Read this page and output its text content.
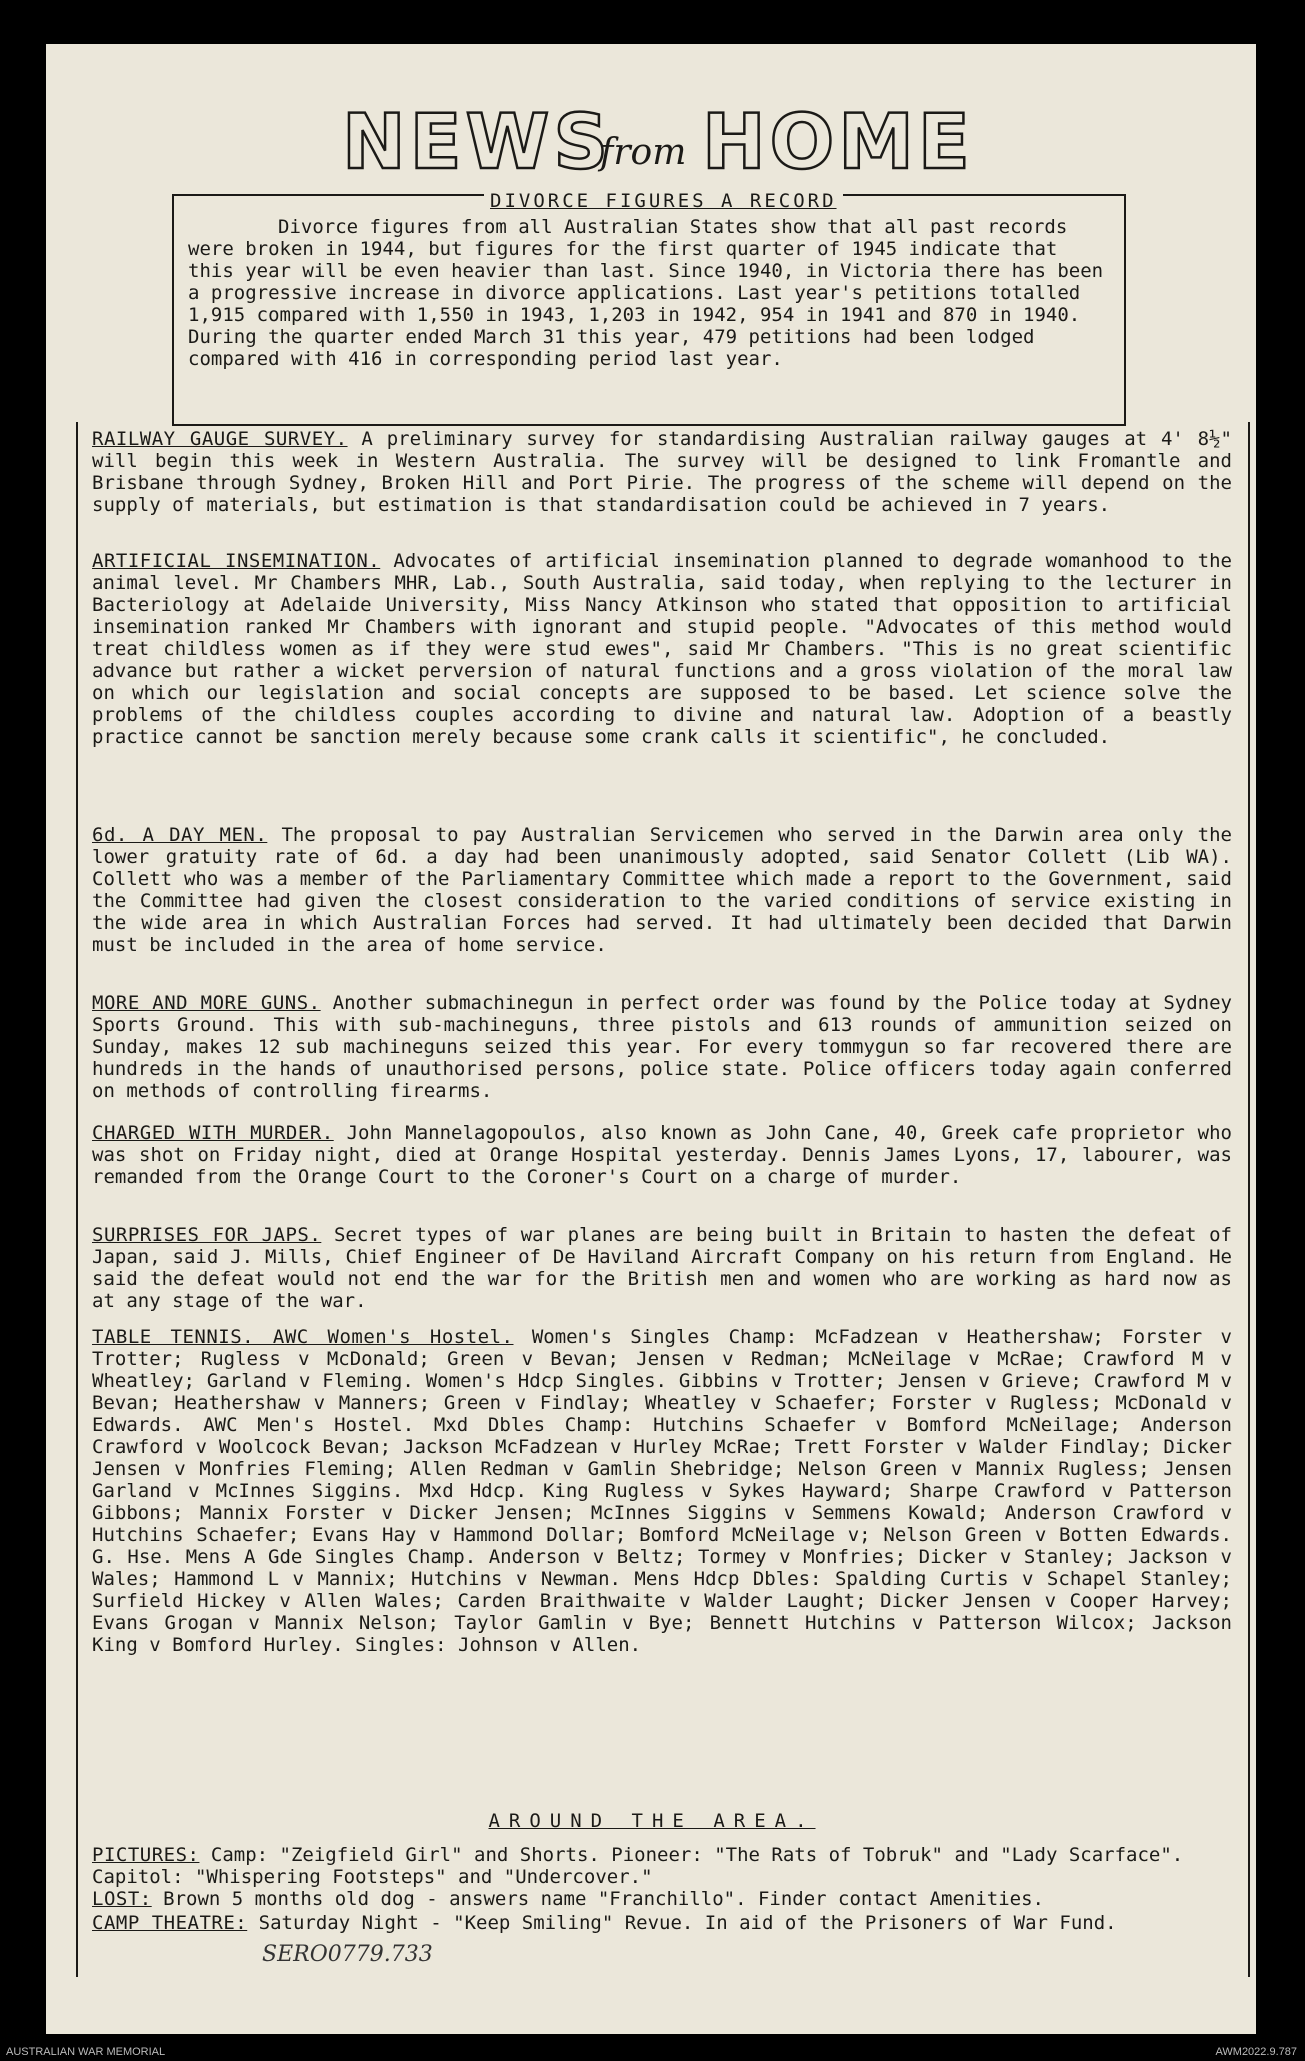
NEWS
from HOME
DIVORCE FIGURES A RECORD
Divorce figures from all Australian States show that all past records were broken in 1944, but figures for the first quarter of 1945 indicate that this year will be even heavier than last. Since 1940, in Victoria there has been a progressive increase in divorce applications. Last year's petitions totalled 1,915 compared with 1,550 in 1943, 1,203 in 1942, 954 in 1941 and 870 in 1940. During the quarter ended March 31 this year, 479 petitions had been lodged compared with 416 in corresponding period last year.
RAILWAY GAUGE SURVEY. A preliminary survey for standardising Australian railway gauges at 4' 8½" will begin this week in Western Australia. The survey will be designed to link Fromantle and Brisbane through Sydney, Broken Hill and Port Pirie. The progress of the scheme will depend on the supply of materials, but estimation is that standardisation could be achieved in 7 years.
ARTIFICIAL INSEMINATION. Advocates of artificial insemination planned to degrade womanhood to the animal level. Mr Chambers MHR, Lab., South Australia, said today, when replying to the lecturer in Bacteriology at Adelaide University, Miss Nancy Atkinson who stated that opposition to artificial insemination ranked Mr Chambers with ignorant and stupid people. "Advocates of this method would treat childless women as if they were stud ewes", said Mr Chambers. "This is no great scientific advance but rather a wicket perversion of natural functions and a gross violation of the moral law on which our legislation and social concepts are supposed to be based. Let science solve the problems of the childless couples according to divine and natural law. Adoption of a beastly practice cannot be sanction merely because some crank calls it scientific", he concluded.
6d. A DAY MEN. The proposal to pay Australian Servicemen who served in the Darwin area only the lower gratuity rate of 6d. a day had been unanimously adopted, said Senator Collett (Lib WA). Collett who was a member of the Parliamentary Committee which made a report to the Government, said the Committee had given the closest consideration to the varied conditions of service existing in the wide area in which Australian Forces had served. It had ultimately been decided that Darwin must be included in the area of home service.
MORE AND MORE GUNS. Another submachinegun in perfect order was found by the Police today at Sydney Sports Ground. This with sub-machineguns, three pistols and 613 rounds of ammunition seized on Sunday, makes 12 sub machineguns seized this year. For every tommygun so far recovered there are hundreds in the hands of unauthorised persons, police state. Police officers today again conferred on methods of controlling firearms.
CHARGED WITH MURDER. John Mannelagopoulos, also known as John Cane, 40, Greek cafe proprietor who was shot on Friday night, died at Orange Hospital yesterday. Dennis James Lyons, 17, labourer, was remanded from the Orange Court to the Coroner's Court on a charge of murder.
SURPRISES FOR JAPS. Secret types of war planes are being built in Britain to hasten the defeat of Japan, said J. Mills, Chief Engineer of De Haviland Aircraft Company on his return from England. He said the defeat would not end the war for the British men and women who are working as hard now as at any stage of the war.
TABLE TENNIS. AWC Women's Hostel. Women's Singles Champ: McFadzean v Heathershaw; Forster v Trotter; Rugless v McDonald; Green v Bevan; Jensen v Redman; McNeilage v McRae; Crawford M v Wheatley; Garland v Fleming. Women's Hdcp Singles. Gibbins v Trotter; Jensen v Grieve; Crawford M v Bevan; Heathershaw v Manners; Green v Findlay; Wheatley v Schaefer; Forster v Rugless; McDonald v Edwards. AWC Men's Hostel. Mxd Dbles Champ: Hutchins Schaefer v Bomford McNeilage; Anderson Crawford v Woolcock Bevan; Jackson McFadzean v Hurley McRae; Trett Forster v Walder Findlay; Dicker Jensen v Monfries Fleming; Allen Redman v Gamlin Shebridge; Nelson Green v Mannix Rugless; Jensen Garland v McInnes Siggins. Mxd Hdcp. King Rugless v Sykes Hayward; Sharpe Crawford v Patterson Gibbons; Mannix Forster v Dicker Jensen; McInnes Siggins v Semmens Kowald; Anderson Crawford v Hutchins Schaefer; Evans Hay v Hammond Dollar; Bomford McNeilage v; Nelson Green v Botten Edwards. G. Hse. Mens A Gde Singles Champ. Anderson v Beltz; Tormey v Monfries; Dicker v Stanley; Jackson v Wales; Hammond L v Mannix; Hutchins v Newman. Mens Hdcp Dbles: Spalding Curtis v Schapel Stanley; Surfield Hickey v Allen Wales; Carden Braithwaite v Walder Laught; Dicker Jensen v Cooper Harvey; Evans Grogan v Mannix Nelson; Taylor Gamlin v Bye; Bennett Hutchins v Patterson Wilcox; Jackson King v Bomford Hurley. Singles: Johnson v Allen.
AROUND THE AREA.
PICTURES: Camp: "Zeigfield Girl" and Shorts. Pioneer: "The Rats of Tobruk" and "Lady Scarface". Capitol: "Whispering Footsteps" and "Undercover."
LOST: Brown 5 months old dog - answers name "Franchillo". Finder contact Amenities.
CAMP THEATRE: Saturday Night - "Keep Smiling" Revue. In aid of the Prisoners of War Fund.
SERO0779.733
AUSTRALIAN WAR MEMORIAL	AWM2022.9.787
